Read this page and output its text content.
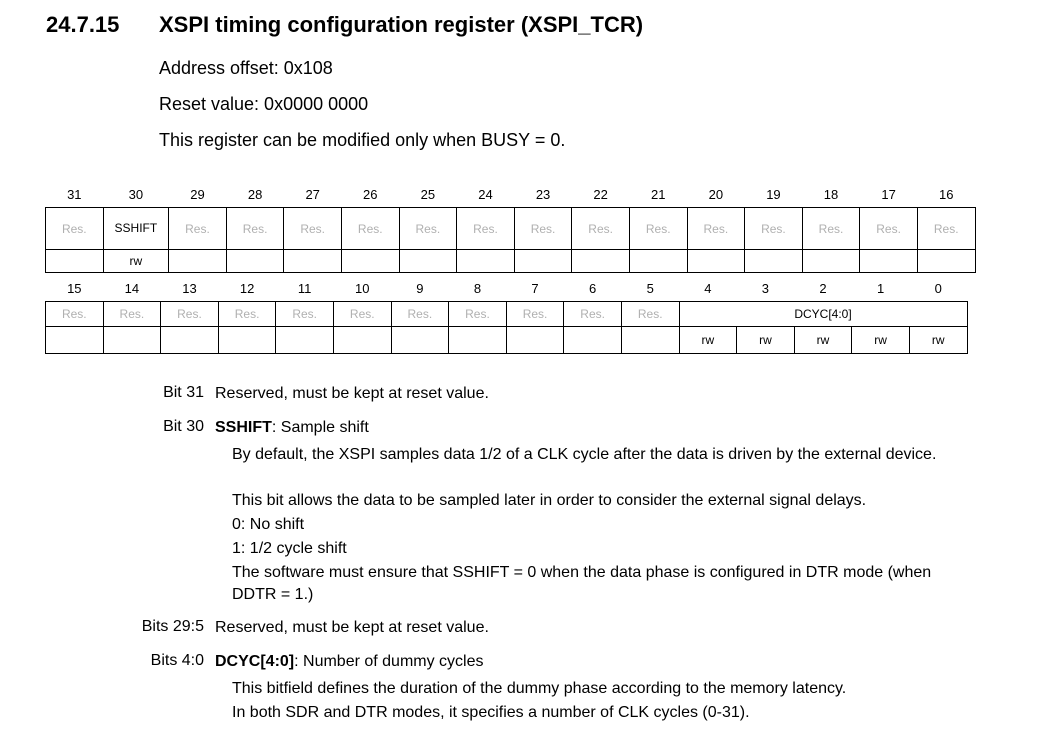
24.7.15 XSPI timing configuration register (XSPI_TCR)
Address offset: 0x108
Reset value: 0x0000 0000
This register can be modified only when BUSY = 0.
31	30	29	28	27	26	25	24	23	22	21	20	19	18	17	16
Res.	SSHIFT	Res.	Res.	Res.	Res.	Res.	Res.	Res.	Res.	Res.	Res.	Res.	Res.	Res.	Res.
	rw														
15	14	13	12	11	10	9	8	7	6	5	4	3	2	1	0
Res.	Res.	Res.	Res.	Res.	Res.	Res.	Res.	Res.	Res.	Res.	DCYC[4:0]				
											rw	rw	rw	rw	rw
Bit 31 Reserved, must be kept at reset value.
Bit 30 SSHIFT: Sample shift
By default, the XSPI samples data 1/2 of a CLK cycle after the data is driven by the external device.
This bit allows the data to be sampled later in order to consider the external signal delays.
0: No shift
1: 1/2 cycle shift
The software must ensure that SSHIFT = 0 when the data phase is configured in DTR mode (when DDTR = 1.)
Bits 29:5 Reserved, must be kept at reset value.
Bits 4:0 DCYC[4:0]: Number of dummy cycles
This bitfield defines the duration of the dummy phase according to the memory latency.
In both SDR and DTR modes, it specifies a number of CLK cycles (0-31).
